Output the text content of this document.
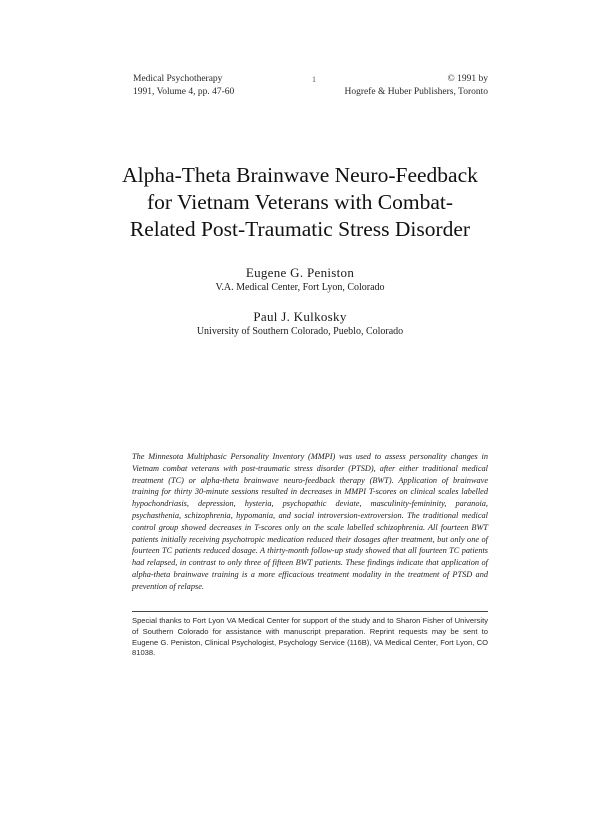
Medical Psychotherapy
1991, Volume 4, pp. 47-60
1	© 1991 by
Hogrefe & Huber Publishers, Toronto
Alpha-Theta Brainwave Neuro-Feedback
for Vietnam Veterans with Combat-
Related Post-Traumatic Stress Disorder
Eugene G. Peniston
V.A. Medical Center, Fort Lyon, Colorado
Paul J. Kulkosky
University of Southern Colorado, Pueblo, Colorado
The Minnesota Multiphasic Personality Inventory (MMPI) was used to assess personality changes in Vietnam combat veterans with post-traumatic stress disorder (PTSD), after either traditional medical treatment (TC) or alpha-theta brainwave neuro-feedback therapy (BWT). Application of brainwave training for thirty 30-minute sessions resulted in decreases in MMPI T-scores on clinical scales labelled hypochondriasis, depression, hysteria, psychopathic deviate, masculinity-femininity, paranoia, psychasthenia, schizophrenia, hypomania, and social introversion-extroversion. The traditional medical control group showed decreases in T-scores only on the scale labelled schizophrenia. All fourteen BWT patients initially receiving psychotropic medication reduced their dosages after treatment, but only one of fourteen TC patients reduced dosage. A thirty-month follow-up study showed that all fourteen TC patients had relapsed, in contrast to only three of fifteen BWT patients. These findings indicate that application of alpha-theta brainwave training is a more efficacious treatment modality in the treatment of PTSD and prevention of relapse.
Special thanks to Fort Lyon VA Medical Center for support of the study and to Sharon Fisher of University of Southern Colorado for assistance with manuscript preparation. Reprint requests may be sent to Eugene G. Peniston, Clinical Psychologist, Psychology Service (116B), VA Medical Center, Fort Lyon, CO 81038.
